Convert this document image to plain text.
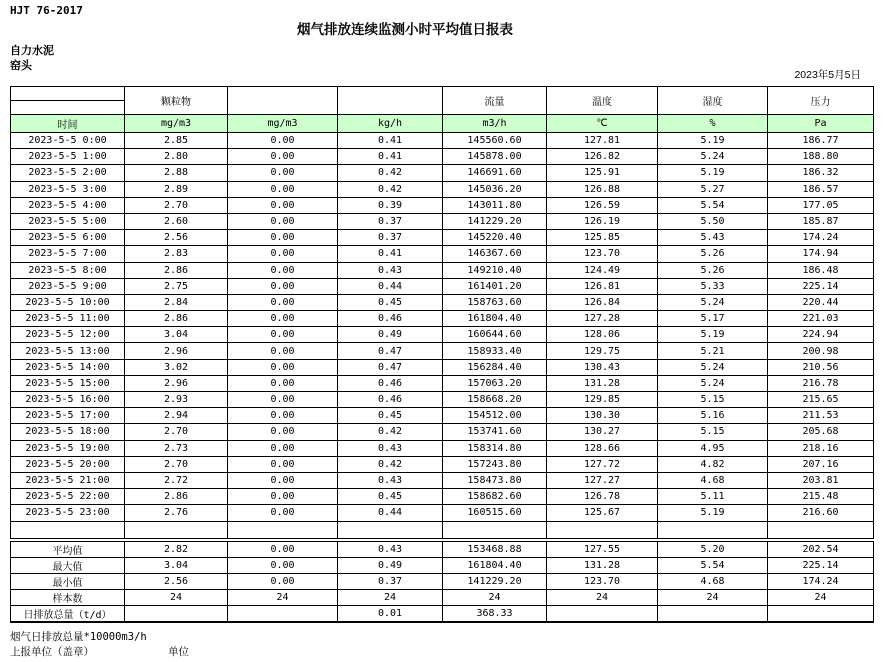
HJT 76-2017
烟气排放连续监测小时平均值日报表
自力水泥
窑头
2023年5月5日
	颗粒物			流量	温度	湿度	压力

时间	mg/m3	mg/m3	kg/h	m3/h	℃	%	Pa
2023-5-5 0:00	2.85	0.00	0.41	145560.60	127.81	5.19	186.77
2023-5-5 1:00	2.80	0.00	0.41	145878.00	126.82	5.24	188.80
2023-5-5 2:00	2.88	0.00	0.42	146691.60	125.91	5.19	186.32
2023-5-5 3:00	2.89	0.00	0.42	145036.20	126.88	5.27	186.57
2023-5-5 4:00	2.70	0.00	0.39	143011.80	126.59	5.54	177.05
2023-5-5 5:00	2.60	0.00	0.37	141229.20	126.19	5.50	185.87
2023-5-5 6:00	2.56	0.00	0.37	145220.40	125.85	5.43	174.24
2023-5-5 7:00	2.83	0.00	0.41	146367.60	123.70	5.26	174.94
2023-5-5 8:00	2.86	0.00	0.43	149210.40	124.49	5.26	186.48
2023-5-5 9:00	2.75	0.00	0.44	161401.20	126.81	5.33	225.14
2023-5-5 10:00	2.84	0.00	0.45	158763.60	126.84	5.24	220.44
2023-5-5 11:00	2.86	0.00	0.46	161804.40	127.28	5.17	221.03
2023-5-5 12:00	3.04	0.00	0.49	160644.60	128.06	5.19	224.94
2023-5-5 13:00	2.96	0.00	0.47	158933.40	129.75	5.21	200.98
2023-5-5 14:00	3.02	0.00	0.47	156284.40	130.43	5.24	210.56
2023-5-5 15:00	2.96	0.00	0.46	157063.20	131.28	5.24	216.78
2023-5-5 16:00	2.93	0.00	0.46	158668.20	129.85	5.15	215.65
2023-5-5 17:00	2.94	0.00	0.45	154512.00	130.30	5.16	211.53
2023-5-5 18:00	2.70	0.00	0.42	153741.60	130.27	5.15	205.68
2023-5-5 19:00	2.73	0.00	0.43	158314.80	128.66	4.95	218.16
2023-5-5 20:00	2.70	0.00	0.42	157243.80	127.72	4.82	207.16
2023-5-5 21:00	2.72	0.00	0.43	158473.80	127.27	4.68	203.81
2023-5-5 22:00	2.86	0.00	0.45	158682.60	126.78	5.11	215.48
2023-5-5 23:00	2.76	0.00	0.44	160515.60	125.67	5.19	216.60

平均值	2.82	0.00	0.43	153468.88	127.55	5.20	202.54
最大值	3.04	0.00	0.49	161804.40	131.28	5.54	225.14
最小值	2.56	0.00	0.37	141229.20	123.70	4.68	174.24
样本数	24	24	24	24	24	24	24
日排放总量（t/d）			0.01	368.33			
烟气日排放总量*10000m3/h
上报单位（盖章）	单位
